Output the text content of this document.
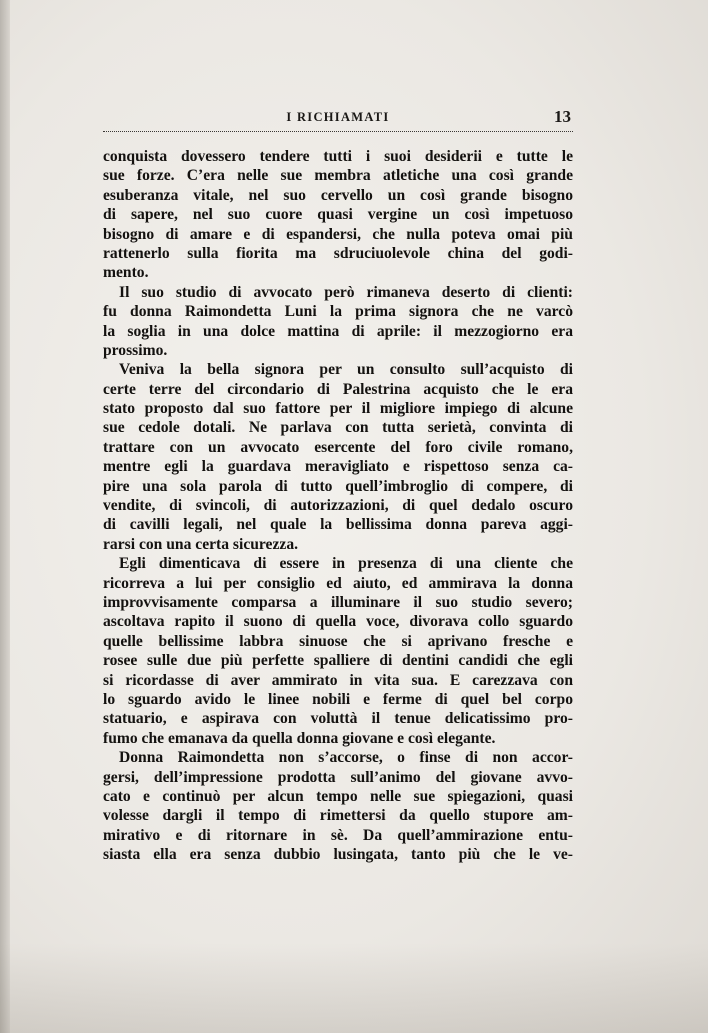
I RICHIAMATI	13
conquista dovessero tendere tutti i suoi desiderii e tutte le
sue forze. C’era nelle sue membra atletiche una così grande
esuberanza vitale, nel suo cervello un così grande bisogno
di sapere, nel suo cuore quasi vergine un così impetuoso
bisogno di amare e di espandersi, che nulla poteva omai più
rattenerlo sulla fiorita ma sdruciuolevole china del godi-
mento.
Il suo studio di avvocato però rimaneva deserto di clienti:
fu donna Raimondetta Luni la prima signora che ne varcò
la soglia in una dolce mattina di aprile: il mezzogiorno era
prossimo.
Veniva la bella signora per un consulto sull’acquisto di
certe terre del circondario di Palestrina acquisto che le era
stato proposto dal suo fattore per il migliore impiego di alcune
sue cedole dotali. Ne parlava con tutta serietà, convinta di
trattare con un avvocato esercente del foro civile romano,
mentre egli la guardava meravigliato e rispettoso senza ca-
pire una sola parola di tutto quell’imbroglio di compere, di
vendite, di svincoli, di autorizzazioni, di quel dedalo oscuro
di cavilli legali, nel quale la bellissima donna pareva aggi-
rarsi con una certa sicurezza.
Egli dimenticava di essere in presenza di una cliente che
ricorreva a lui per consiglio ed aiuto, ed ammirava la donna
improvvisamente comparsa a illuminare il suo studio severo;
ascoltava rapito il suono di quella voce, divorava collo sguardo
quelle bellissime labbra sinuose che si aprivano fresche e
rosee sulle due più perfette spalliere di dentini candidi che egli
si ricordasse di aver ammirato in vita sua. E carezzava con
lo sguardo avido le linee nobili e ferme di quel bel corpo
statuario, e aspirava con voluttà il tenue delicatissimo pro-
fumo che emanava da quella donna giovane e così elegante.
Donna Raimondetta non s’accorse, o finse di non accor-
gersi, dell’impressione prodotta sull’animo del giovane avvo-
cato e continuò per alcun tempo nelle sue spiegazioni, quasi
volesse dargli il tempo di rimettersi da quello stupore am-
mirativo e di ritornare in sè. Da quell’ammirazione entu-
siasta ella era senza dubbio lusingata, tanto più che le ve-
